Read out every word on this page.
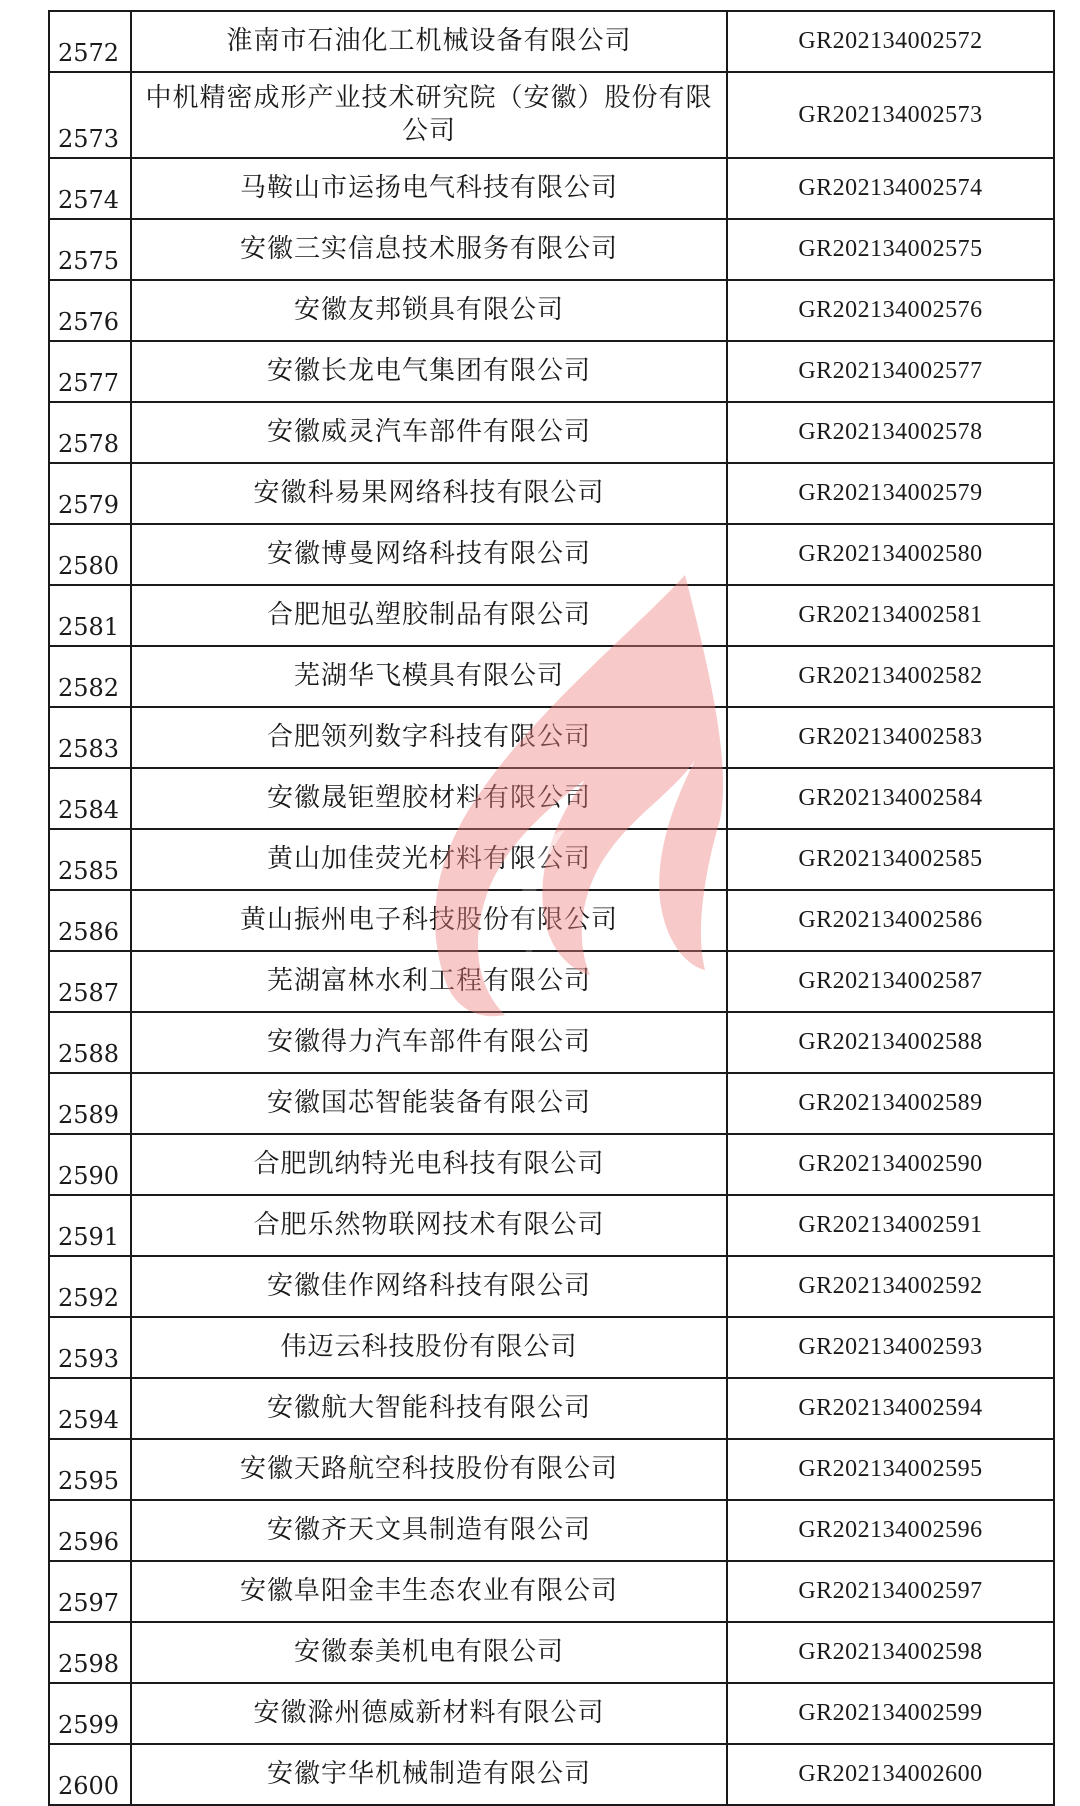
2572	淮南市石油化工机械设备有限公司	GR202134002572
2573	中机精密成形产业技术研究院（安徽）股份有限公司	GR202134002573
2574	马鞍山市运扬电气科技有限公司	GR202134002574
2575	安徽三实信息技术服务有限公司	GR202134002575
2576	安徽友邦锁具有限公司	GR202134002576
2577	安徽长龙电气集团有限公司	GR202134002577
2578	安徽威灵汽车部件有限公司	GR202134002578
2579	安徽科易果网络科技有限公司	GR202134002579
2580	安徽博曼网络科技有限公司	GR202134002580
2581	合肥旭弘塑胶制品有限公司	GR202134002581
2582	芜湖华飞模具有限公司	GR202134002582
2583	合肥领列数字科技有限公司	GR202134002583
2584	安徽晟钜塑胶材料有限公司	GR202134002584
2585	黄山加佳荧光材料有限公司	GR202134002585
2586	黄山振州电子科技股份有限公司	GR202134002586
2587	芜湖富林水利工程有限公司	GR202134002587
2588	安徽得力汽车部件有限公司	GR202134002588
2589	安徽国芯智能装备有限公司	GR202134002589
2590	合肥凯纳特光电科技有限公司	GR202134002590
2591	合肥乐然物联网技术有限公司	GR202134002591
2592	安徽佳作网络科技有限公司	GR202134002592
2593	伟迈云科技股份有限公司	GR202134002593
2594	安徽航大智能科技有限公司	GR202134002594
2595	安徽天路航空科技股份有限公司	GR202134002595
2596	安徽齐天文具制造有限公司	GR202134002596
2597	安徽阜阳金丰生态农业有限公司	GR202134002597
2598	安徽泰美机电有限公司	GR202134002598
2599	安徽滁州德威新材料有限公司	GR202134002599
2600	安徽宇华机械制造有限公司	GR202134002600
